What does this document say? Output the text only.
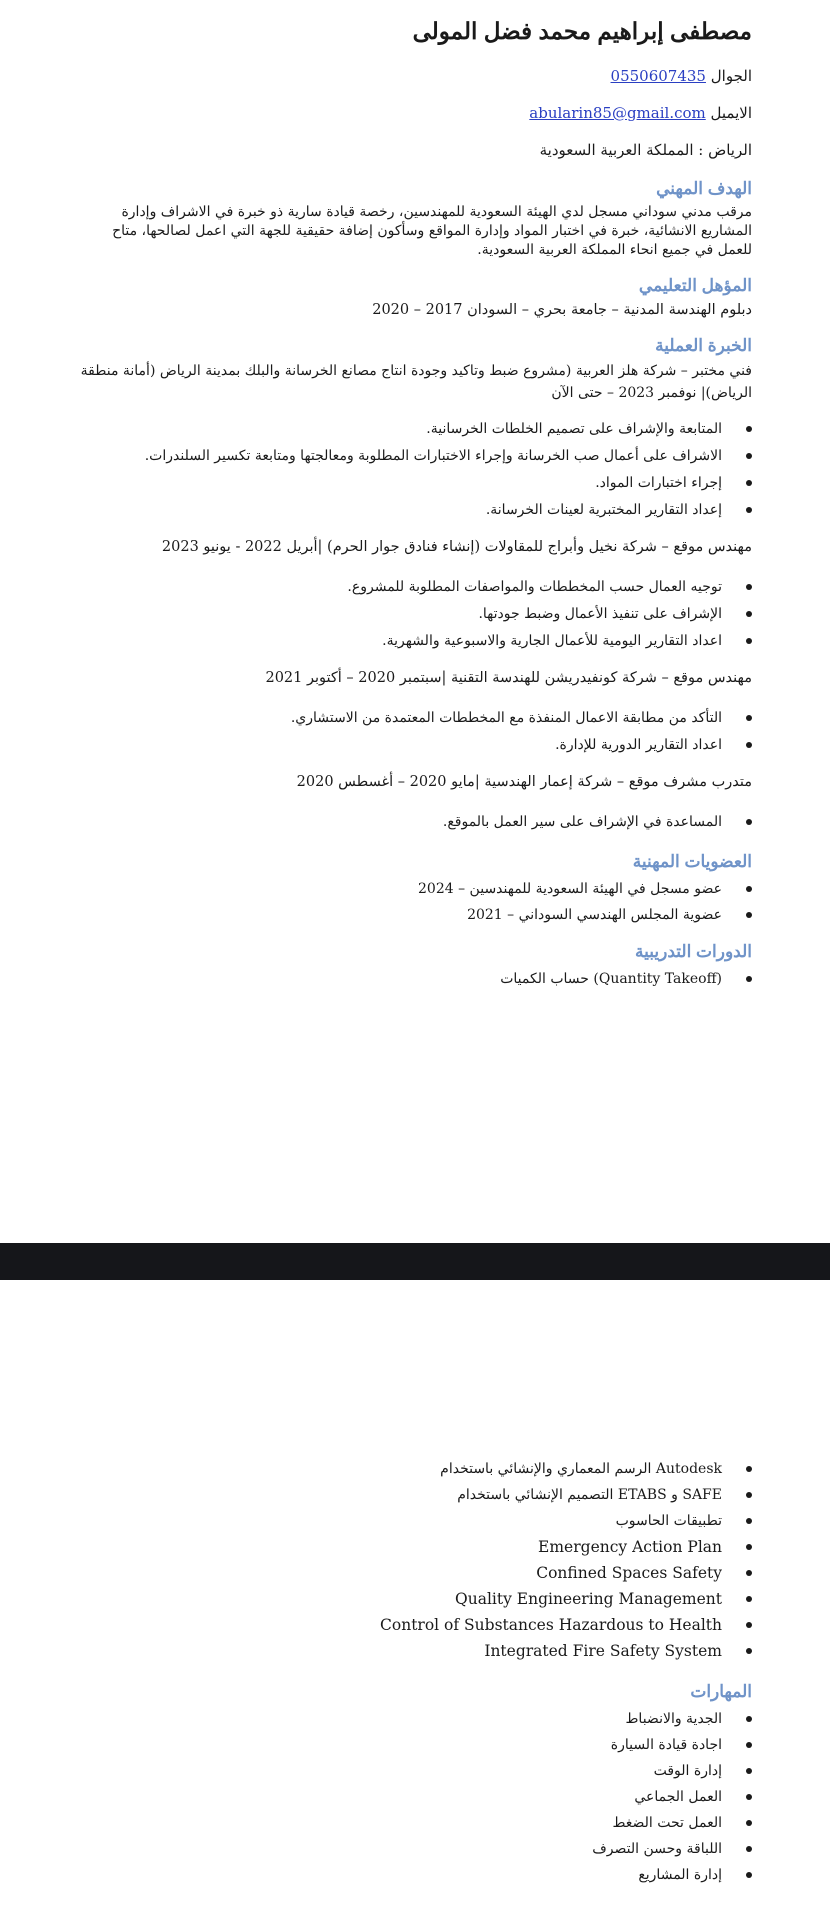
مصطفى إبراهيم محمد فضل المولى
الجوال 0550607435
الايميل abularin85@gmail.com
الرياض : المملكة العربية السعودية
الهدف المهني

مرقب مدني سوداني مسجل لدي الهيئة السعودية للمهندسين، رخصة قيادة سارية ذو خبرة في الاشراف وإدارة المشاريع الانشائية، خبرة في اختبار المواد وإدارة المواقع وسأكون إضافة حقيقية للجهة التي اعمل لصالحها، متاح للعمل في جميع انحاء المملكة العربية السعودية.

المؤهل التعليمي

دبلوم الهندسة المدنية – جامعة بحري – السودان 2017 – 2020

الخبرة العملية

فني مختبر – شركة هلز العربية (مشروع ضبط وتاكيد وجودة انتاج مصانع الخرسانة والبلك بمدينة الرياض (أمانة منطقة الرياض)| نوفمبر 2023 – حتى الآن

المتابعة والإشراف على تصميم الخلطات الخرسانية.
الاشراف على أعمال صب الخرسانة وإجراء الاختبارات المطلوبة ومعالجتها ومتابعة تكسير السلندرات.
إجراء اختبارات المواد.
إعداد التقارير المختبرية لعينات الخرسانة.

مهندس موقع – شركة نخيل وأبراج للمقاولات (إنشاء فنادق جوار الحرم) |أبريل 2022 - يونيو 2023

توجيه العمال حسب المخططات والمواصفات المطلوبة للمشروع.
الإشراف على تنفيذ الأعمال وضبط جودتها.
اعداد التقارير اليومية للأعمال الجارية والاسبوعية والشهرية.

مهندس موقع – شركة كونفيدريشن للهندسة التقنية |سبتمبر 2020 – أكتوبر 2021

التأكد من مطابقة الاعمال المنفذة مع المخططات المعتمدة من الاستشاري.
اعداد التقارير الدورية للإدارة.

متدرب مشرف موقع – شركة إعمار الهندسية |مايو 2020 – أغسطس 2020

المساعدة في الإشراف على سير العمل بالموقع.
العضويات المهنية
عضو مسجل في الهيئة السعودية للمهندسين – 2024
عضوية المجلس الهندسي السوداني – 2021
الدورات التدريبية
(Quantity Takeoff) حساب الكميات
Autodesk الرسم المعماري والإنشائي باستخدام
SAFE و ETABS التصميم الإنشائي باستخدام
تطبيقات الحاسوب
Emergency Action Plan
Confined Spaces Safety
Quality Engineering Management
Control of Substances Hazardous to Health
Integrated Fire Safety System
المهارات
الجدية والانضباط
اجادة قيادة السيارة
إدارة الوقت
العمل الجماعي
العمل تحت الضغط
اللباقة وحسن التصرف
إدارة المشاريع
